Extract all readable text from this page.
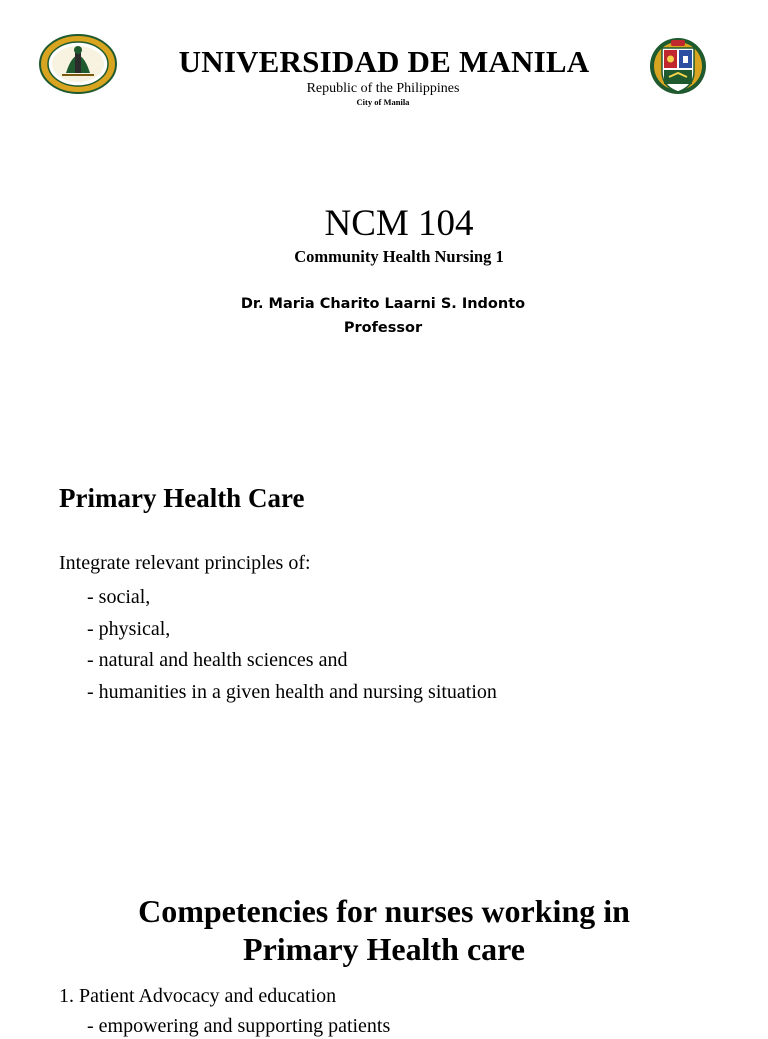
UNIVERSIDAD DE MANILA
Republic of the Philippines
City of Manila
NCM 104
Community Health Nursing 1
Dr. Maria Charito Laarni S. Indonto
Professor
Primary Health Care
Integrate relevant principles of:
- social,
- physical,
- natural and health sciences and
- humanities in a given health and nursing situation
Competencies for nurses working in
Primary Health care
1. Patient Advocacy and education
- empowering and supporting patients
